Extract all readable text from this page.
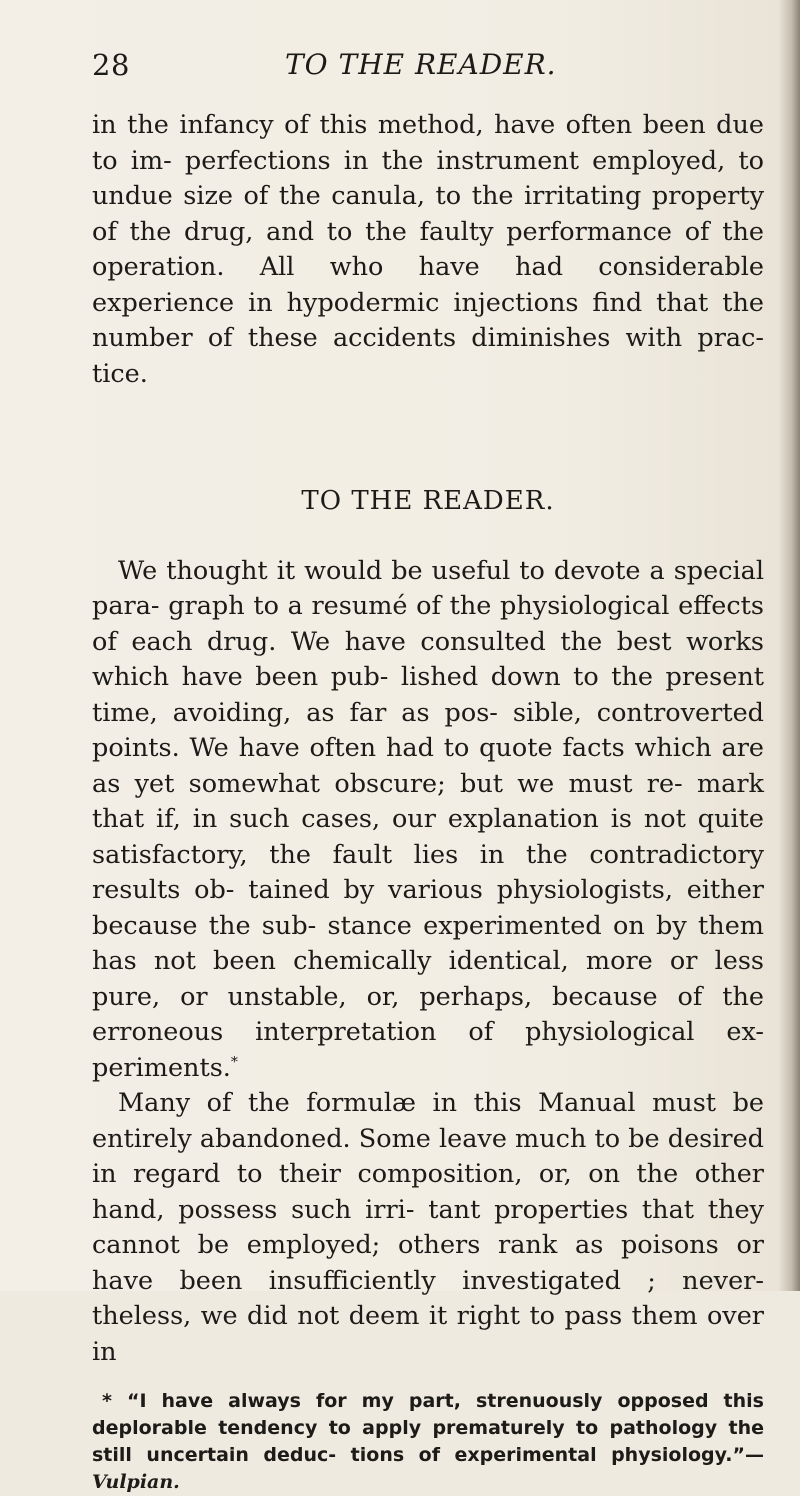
28	TO THE READER.

in the infancy of this method, have often been due to im- perfections in the instrument employed, to undue size of the canula, to the irritating property of the drug, and to the faulty performance of the operation. All who have had considerable experience in hypodermic injections find that the number of these accidents diminishes with prac- tice.

TO THE READER.

We thought it would be useful to devote a special para- graph to a resumé of the physiological effects of each drug. We have consulted the best works which have been pub- lished down to the present time, avoiding, as far as pos- sible, controverted points. We have often had to quote facts which are as yet somewhat obscure; but we must re- mark that if, in such cases, our explanation is not quite satisfactory, the fault lies in the contradictory results ob- tained by various physiologists, either because the sub- stance experimented on by them has not been chemically identical, more or less pure, or unstable, or, perhaps, because of the erroneous interpretation of physiological ex- periments.*

Many of the formulæ in this Manual must be entirely abandoned. Some leave much to be desired in regard to their composition, or, on the other hand, possess such irri- tant properties that they cannot be employed; others rank as poisons or have been insufficiently investigated ; never- theless, we did not deem it right to pass them over in

* “I have always for my part, strenuously opposed this deplorable tendency to apply prematurely to pathology the still uncertain deduc- tions of experimental physiology.”—Vulpian.
